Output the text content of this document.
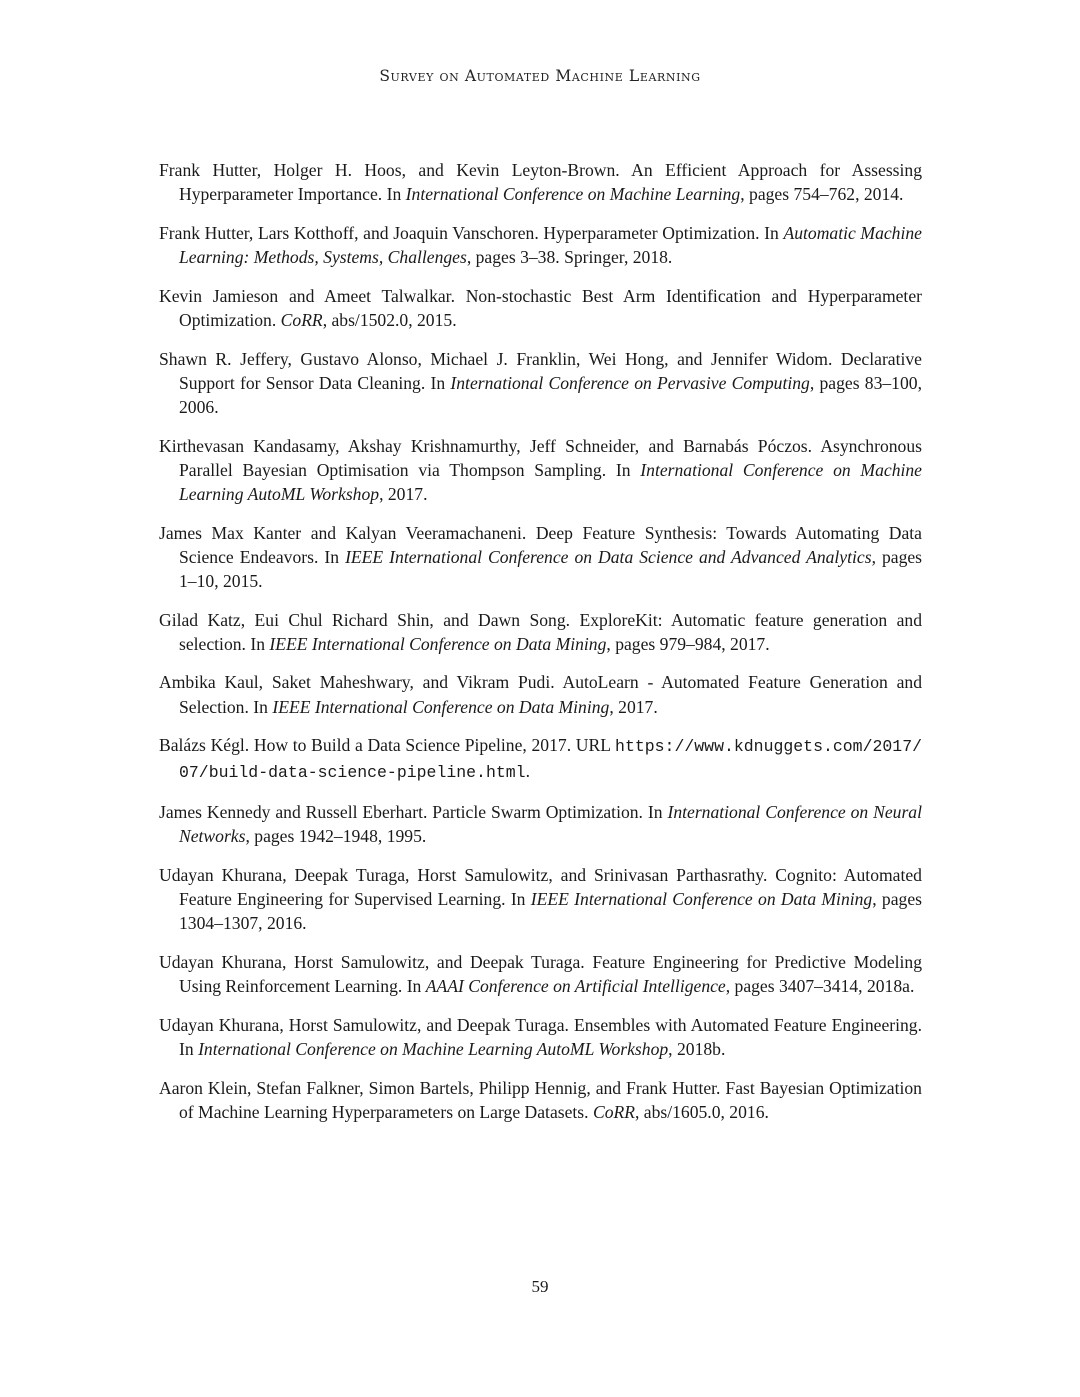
Survey on Automated Machine Learning
Frank Hutter, Holger H. Hoos, and Kevin Leyton-Brown. An Efficient Approach for Assessing Hyperparameter Importance. In International Conference on Machine Learning, pages 754–762, 2014.
Frank Hutter, Lars Kotthoff, and Joaquin Vanschoren. Hyperparameter Optimization. In Automatic Machine Learning: Methods, Systems, Challenges, pages 3–38. Springer, 2018.
Kevin Jamieson and Ameet Talwalkar. Non-stochastic Best Arm Identification and Hyperparameter Optimization. CoRR, abs/1502.0, 2015.
Shawn R. Jeffery, Gustavo Alonso, Michael J. Franklin, Wei Hong, and Jennifer Widom. Declarative Support for Sensor Data Cleaning. In International Conference on Pervasive Computing, pages 83–100, 2006.
Kirthevasan Kandasamy, Akshay Krishnamurthy, Jeff Schneider, and Barnabás Póczos. Asynchronous Parallel Bayesian Optimisation via Thompson Sampling. In International Conference on Machine Learning AutoML Workshop, 2017.
James Max Kanter and Kalyan Veeramachaneni. Deep Feature Synthesis: Towards Automating Data Science Endeavors. In IEEE International Conference on Data Science and Advanced Analytics, pages 1–10, 2015.
Gilad Katz, Eui Chul Richard Shin, and Dawn Song. ExploreKit: Automatic feature generation and selection. In IEEE International Conference on Data Mining, pages 979–984, 2017.
Ambika Kaul, Saket Maheshwary, and Vikram Pudi. AutoLearn - Automated Feature Generation and Selection. In IEEE International Conference on Data Mining, 2017.
Balázs Kégl. How to Build a Data Science Pipeline, 2017. URL https://www.kdnuggets.com/2017/07/build-data-science-pipeline.html.
James Kennedy and Russell Eberhart. Particle Swarm Optimization. In International Conference on Neural Networks, pages 1942–1948, 1995.
Udayan Khurana, Deepak Turaga, Horst Samulowitz, and Srinivasan Parthasrathy. Cognito: Automated Feature Engineering for Supervised Learning. In IEEE International Conference on Data Mining, pages 1304–1307, 2016.
Udayan Khurana, Horst Samulowitz, and Deepak Turaga. Feature Engineering for Predictive Modeling Using Reinforcement Learning. In AAAI Conference on Artificial Intelligence, pages 3407–3414, 2018a.
Udayan Khurana, Horst Samulowitz, and Deepak Turaga. Ensembles with Automated Feature Engineering. In International Conference on Machine Learning AutoML Workshop, 2018b.
Aaron Klein, Stefan Falkner, Simon Bartels, Philipp Hennig, and Frank Hutter. Fast Bayesian Optimization of Machine Learning Hyperparameters on Large Datasets. CoRR, abs/1605.0, 2016.
59
